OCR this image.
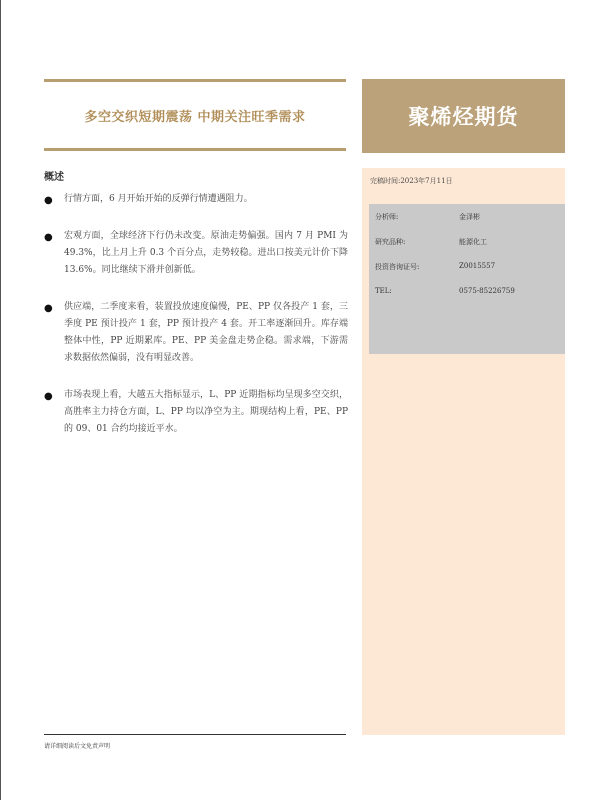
多空交织短期震荡 中期关注旺季需求	聚烯烃期货
概述
● 行情方面，6 月开始开始的反弹行情遭遇阻力。
● 宏观方面，全球经济下行仍未改变。原油走势偏强。国内 7 月 PMI 为 49.3%，比上月上升 0.3 个百分点，走势较稳。进出口按美元计价下降 13.6%。同比继续下滑并创新低。
● 供应端，二季度来看，装置投放速度偏慢，PE、PP 仅各投产 1 套，三季度 PE 预计投产 1 套，PP 预计投产 4 套。开工率逐渐回升。库存端整体中性，PP 近期累库。PE、PP 美金盘走势企稳。需求端，下游需求数据依然偏弱，没有明显改善。
● 市场表现上看，大越五大指标显示，L、PP 近期指标均呈现多空交织，高胜率主力持仓方面，L、PP 均以净空为主。期现结构上看，PE、PP 的 09、01 合约均接近平水。
完稿时间:2023年7月11日
分析师:	金泽彬
研究品种:	能源化工
投资咨询证号:	Z0015557
TEL:	0575-85226759
请详细阅读后文免责声明
